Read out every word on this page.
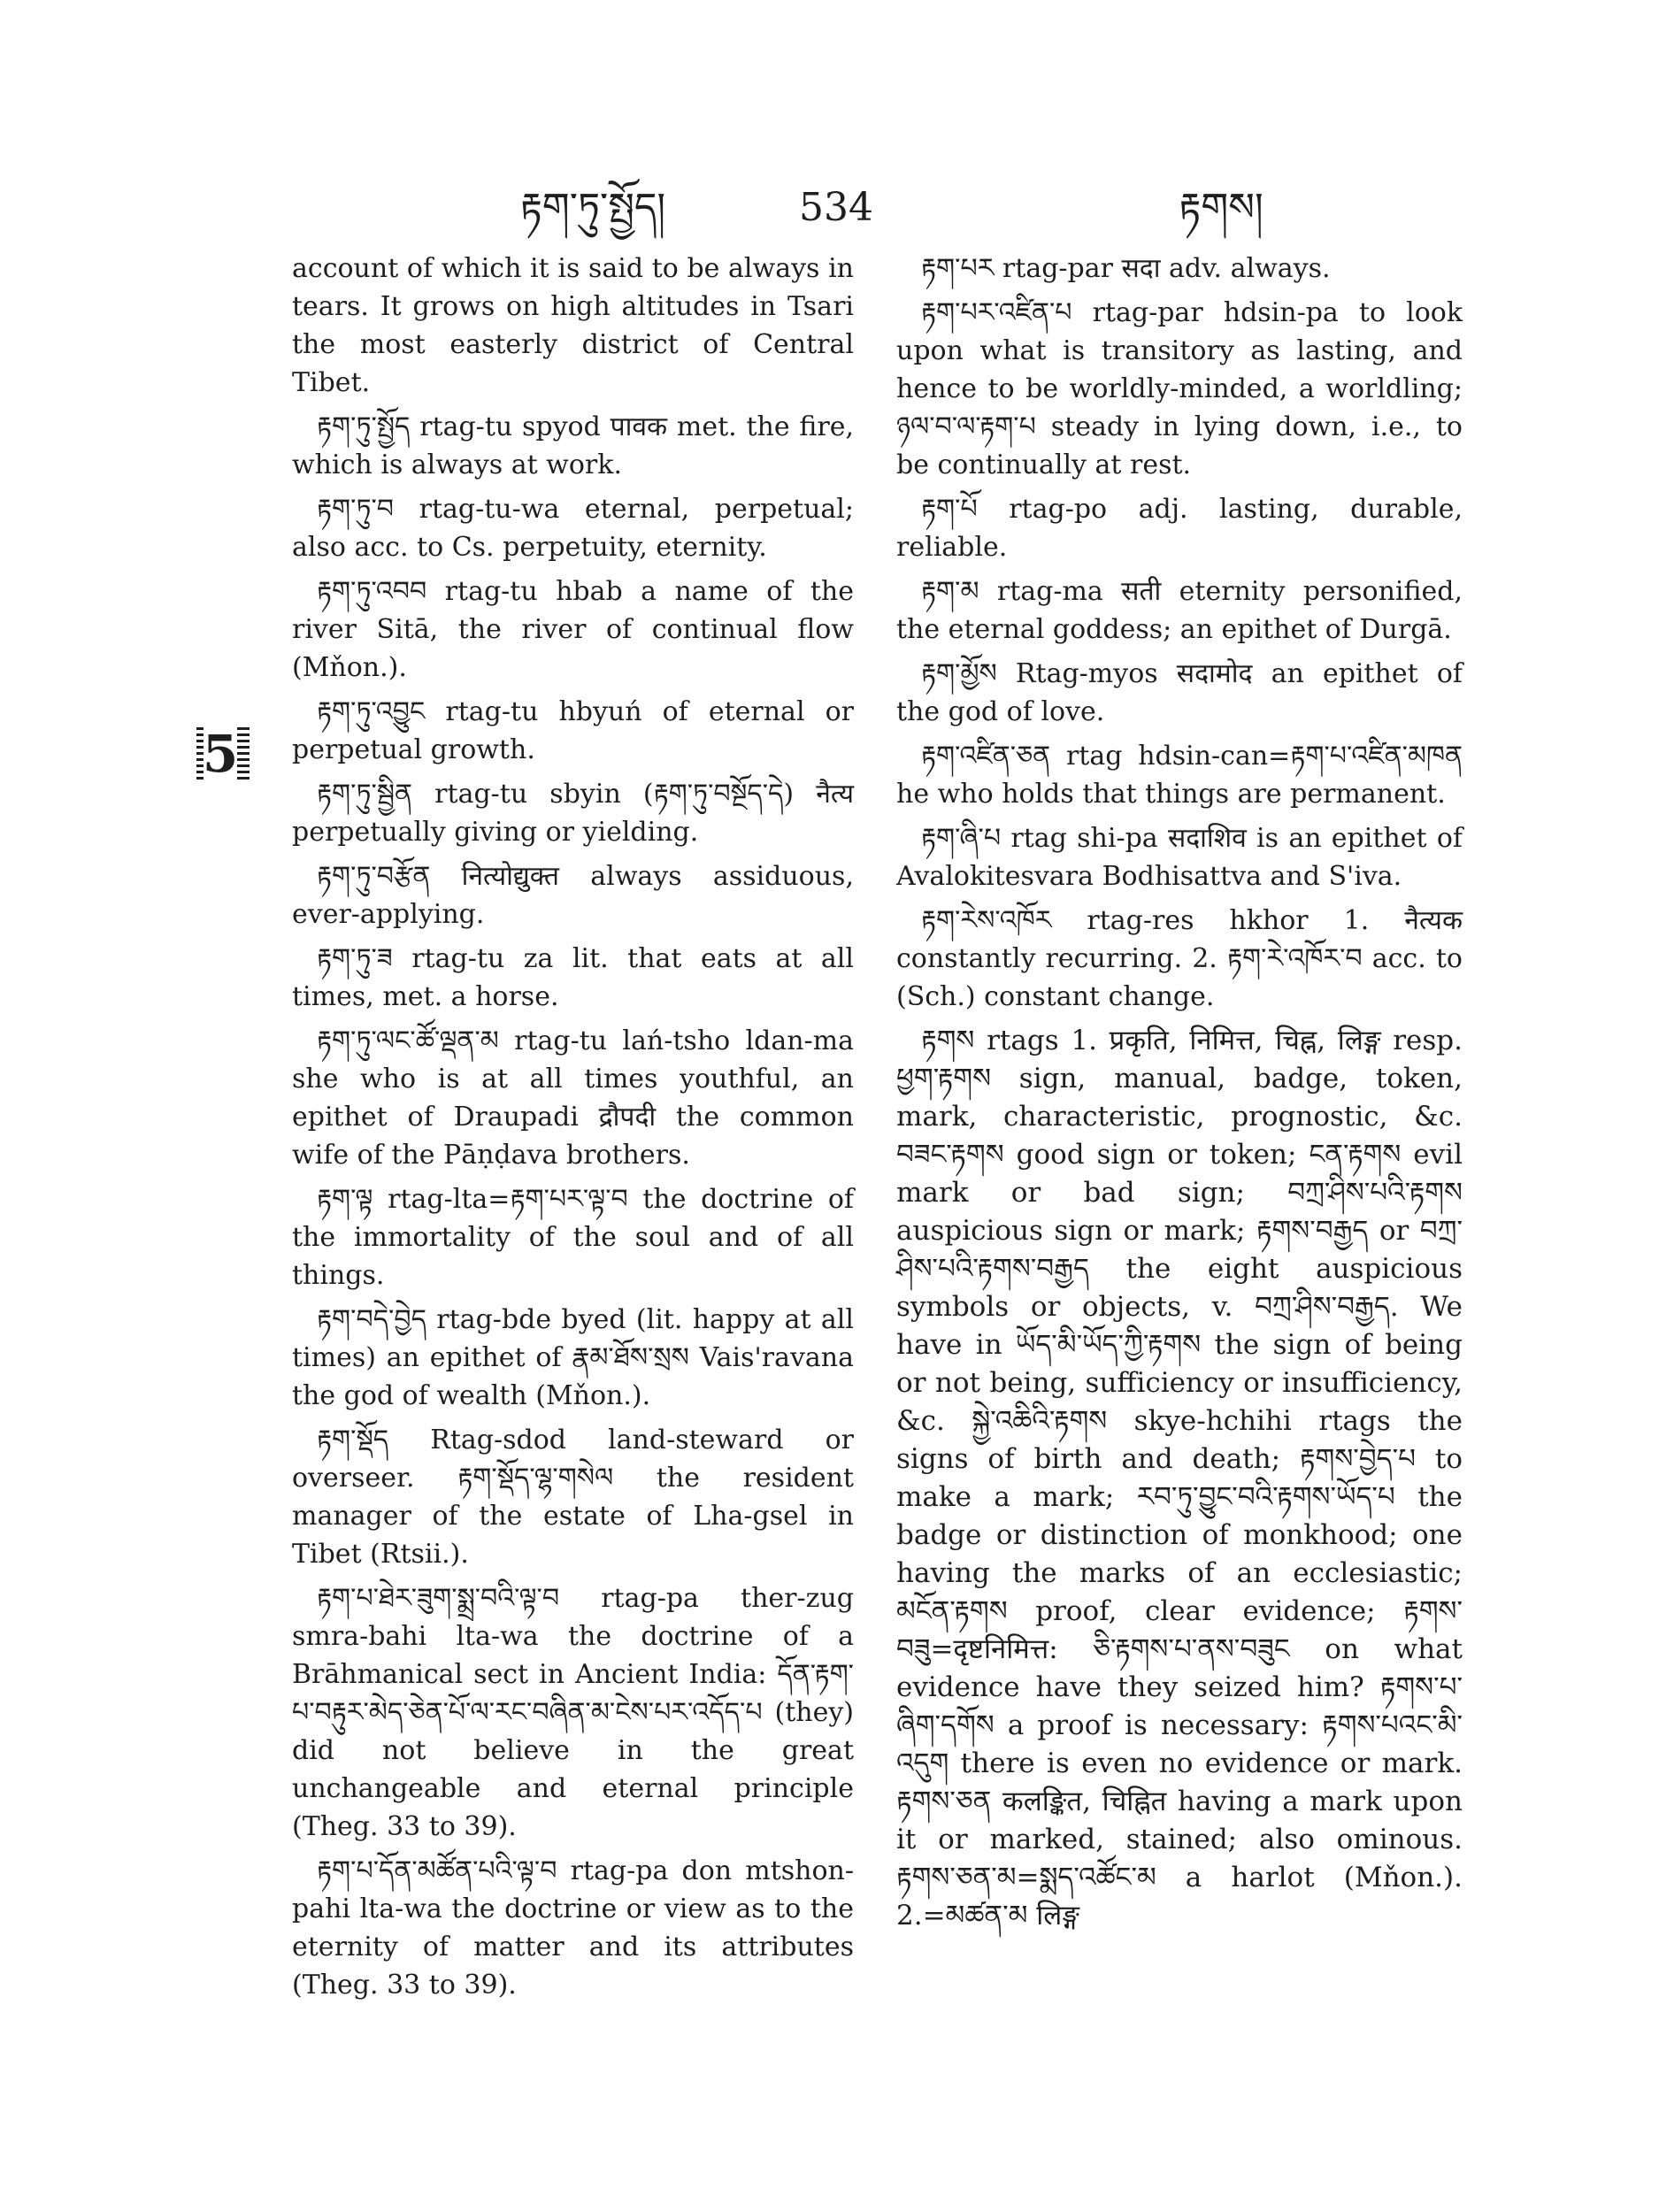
རྟག་ཏུ་སྤྱོད།	534	རྟགས།
5

account of which it is said to be always in tears. It grows on high altitudes in Tsari the most easterly district of Central Tibet.

རྟག་ཏུ་སྤྱོད rtag-tu spyod पावक met. the fire, which is always at work.

རྟག་ཏུ་བ rtag-tu-wa eternal, perpetual; also acc. to Cs. perpetuity, eternity.

རྟག་ཏུ་འབབ rtag-tu hbab a name of the river Sitā, the river of continual flow (Mňon.).

རྟག་ཏུ་འབྱུང rtag-tu hbyuń of eternal or perpetual growth.

རྟག་ཏུ་སྦྱིན rtag-tu sbyin (རྟག་ཏུ་བསྔོད་དེ) नैत्य perpetually giving or yielding.

རྟག་ཏུ་བརྩོན नित्योद्युक्त always assiduous, ever-applying.

རྟག་ཏུ་ཟ rtag-tu za lit. that eats at all times, met. a horse.

རྟག་ཏུ་ལང་ཚོ་ལྡན་མ rtag-tu lań-tsho ldan-ma she who is at all times youthful, an epithet of Draupadi द्रौपदी the common wife of the Pāṇḍava brothers.

རྟག་ལྟ rtag-lta=རྟག་པར་ལྟ་བ the doctrine of the immortality of the soul and of all things.

རྟག་བདེ་བྱེད rtag-bde byed (lit. happy at all times) an epithet of རྣམ་ཐོས་སྲས Vais'ravana the god of wealth (Mňon.).

རྟག་སྡོད Rtag-sdod land-steward or overseer. རྟག་སྡོད་ལྷ་གསེལ the resident manager of the estate of Lha-gsel in Tibet (Rtsii.).

རྟག་པ་ཐེར་ཟུག་སྨྲ་བའི་ལྟ་བ rtag-pa ther-zug smra-bahi lta-wa the doctrine of a Brāhmanical sect in Ancient India: དོན་རྟག་པ་བརྟུར་མེད་ཅེན་པོ་ལ་རང་བཞིན་མ་ངེས་པར་འདོད་པ (they) did not believe in the great unchangeable and eternal principle (Theg. 33 to 39).

རྟག་པ་དོན་མཚོན་པའི་ལྟ་བ rtag-pa don mtshon-pahi lta-wa the doctrine or view as to the eternity of matter and its attributes (Theg. 33 to 39).

རྟག་པར rtag-par सदा adv. always.

རྟག་པར་འཛིན་པ rtag-par hdsin-pa to look upon what is transitory as lasting, and hence to be worldly-minded, a worldling; ཉལ་བ་ལ་རྟག་པ steady in lying down, i.e., to be continually at rest.

རྟག་པོ rtag-po adj. lasting, durable, reliable.

རྟག་མ rtag-ma सती eternity personified, the eternal goddess; an epithet of Durgā.

རྟག་མྱོས Rtag-myos सदामोद an epithet of the god of love.

རྟག་འཛིན་ཅན rtag hdsin-can=རྟག་པ་འཛིན་མཁན he who holds that things are permanent.

རྟག་ཞི་པ rtag shi-pa सदाशिव is an epithet of Avalokitesvara Bodhisattva and S'iva.

རྟག་རེས་འཁོར rtag-res hkhor 1. नैत्यक constantly recurring. 2. རྟག་རེ་འཁོར་བ acc. to (Sch.) constant change.

རྟགས rtags 1. प्रकृति, निमित्त, चिह्न, लिङ्ग resp. ཕྱག་རྟགས sign, manual, badge, token, mark, characteristic, prognostic, &c. བཟང་རྟགས good sign or token; ངན་རྟགས evil mark or bad sign; བཀྲ་ཤིས་པའི་རྟགས auspicious sign or mark; རྟགས་བརྒྱད or བཀྲ་ཤིས་པའི་རྟགས་བརྒྱད the eight auspicious symbols or objects, v. བཀྲ་ཤིས་བརྒྱད. We have in ཡོད་མི་ཡོད་ཀྱི་རྟགས the sign of being or not being, sufficiency or insufficiency, &c. སྐྱེ་འཆིའི་རྟགས skye-hchihi rtags the signs of birth and death; རྟགས་བྱེད་པ to make a mark; རབ་ཏུ་བྱུང་བའི་རྟགས་ཡོད་པ the badge or distinction of monkhood; one having the marks of an ecclesiastic; མངོན་རྟགས proof, clear evidence; རྟགས་བཟུ=दृष्टनिमित्त: ཅི་རྟགས་པ་ནས་བཟུང on what evidence have they seized him? རྟགས་པ་ཞིག་དགོས a proof is necessary: རྟགས་པའང་མི་འདུག there is even no evidence or mark. རྟགས་ཅན कलङ्कित, चिह्नित having a mark upon it or marked, stained; also ominous. རྟགས་ཅན་མ=སྨད་འཚོང་མ a harlot (Mňon.). 2.=མཚན་མ लिङ्ग
